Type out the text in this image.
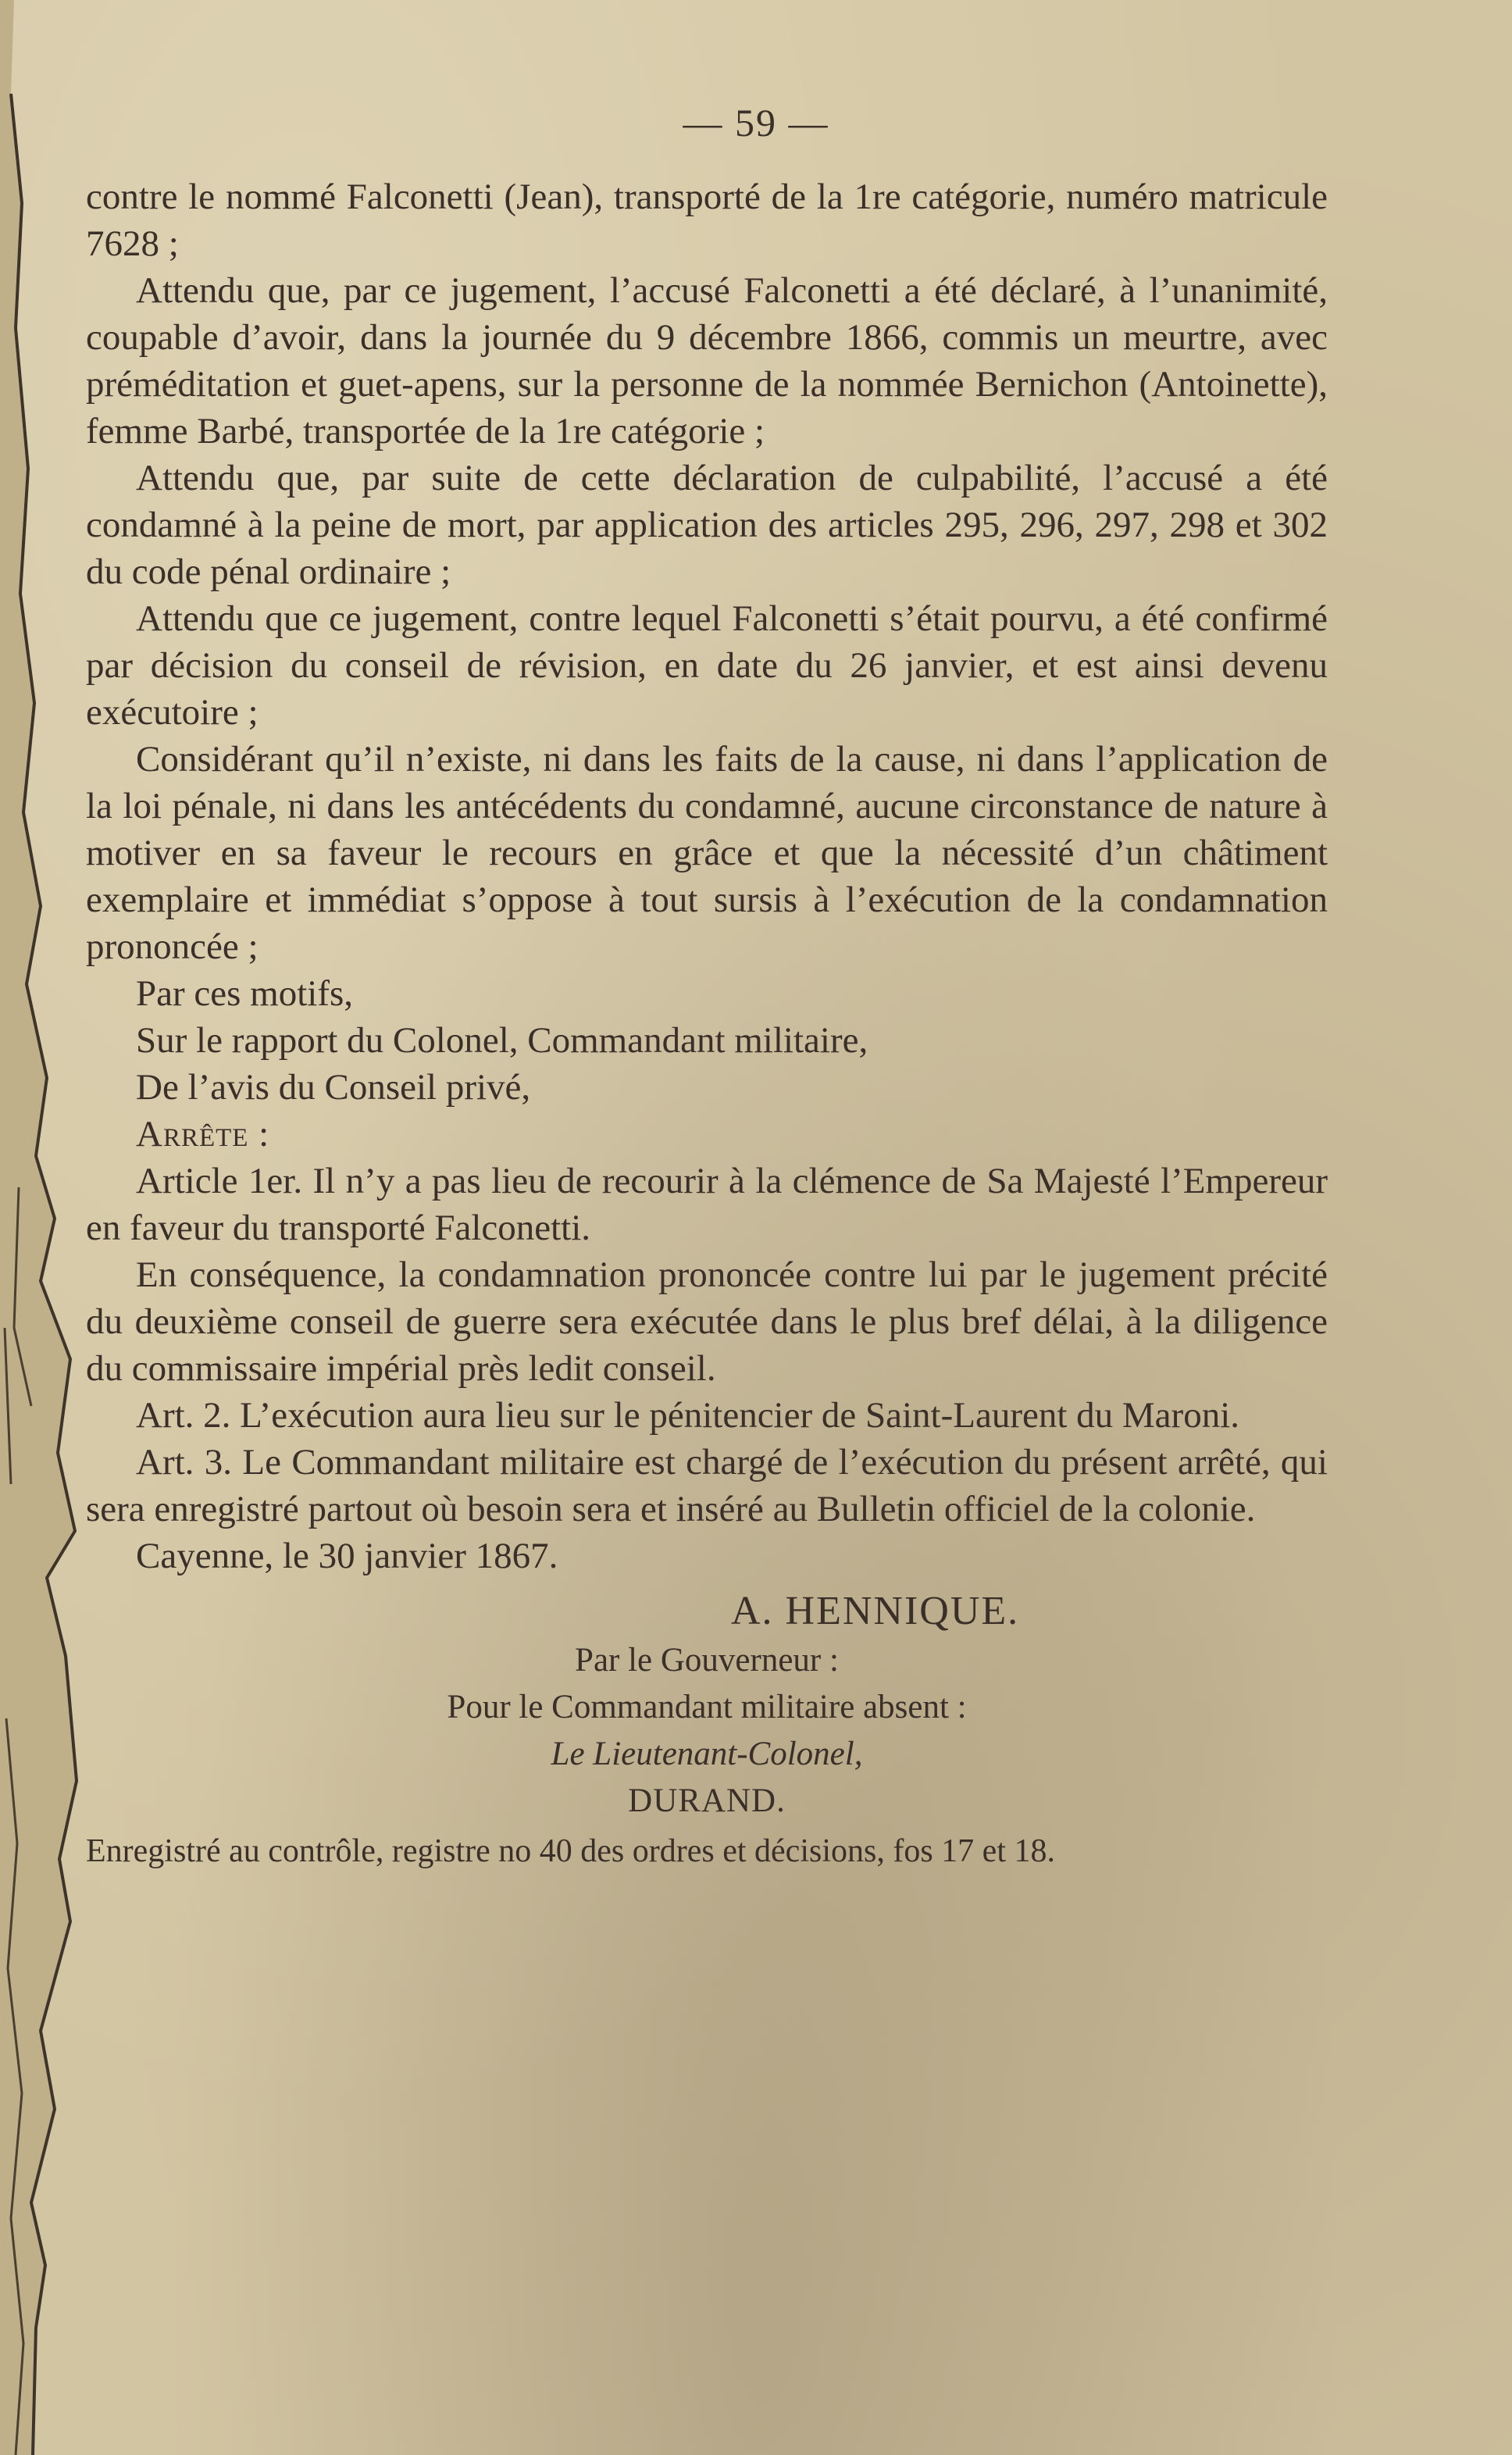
— 59 —

contre le nommé Falconetti (Jean), transporté de la 1re catégorie, numéro matricule 7628 ;

Attendu que, par ce jugement, l’accusé Falconetti a été déclaré, à l’unanimité, coupable d’avoir, dans la journée du 9 décembre 1866, commis un meurtre, avec préméditation et guet-apens, sur la personne de la nommée Bernichon (Antoinette), femme Barbé, transportée de la 1re catégorie ;

Attendu que, par suite de cette déclaration de culpabilité, l’accusé a été condamné à la peine de mort, par application des articles 295, 296, 297, 298 et 302 du code pénal ordinaire ;

Attendu que ce jugement, contre lequel Falconetti s’était pourvu, a été confirmé par décision du conseil de révision, en date du 26 janvier, et est ainsi devenu exécutoire ;

Considérant qu’il n’existe, ni dans les faits de la cause, ni dans l’application de la loi pénale, ni dans les antécédents du condamné, aucune circonstance de nature à motiver en sa faveur le recours en grâce et que la nécessité d’un châtiment exemplaire et immédiat s’oppose à tout sursis à l’exécution de la condamnation prononcée ;

Par ces motifs,

Sur le rapport du Colonel, Commandant militaire,

De l’avis du Conseil privé,

Arrête :

Article 1er. Il n’y a pas lieu de recourir à la clémence de Sa Majesté l’Empereur en faveur du transporté Falconetti.

En conséquence, la condamnation prononcée contre lui par le jugement précité du deuxième conseil de guerre sera exécutée dans le plus bref délai, à la diligence du commissaire impérial près ledit conseil.

Art. 2. L’exécution aura lieu sur le pénitencier de Saint-Laurent du Maroni.

Art. 3. Le Commandant militaire est chargé de l’exécution du présent arrêté, qui sera enregistré partout où besoin sera et inséré au Bulletin officiel de la colonie.

Cayenne, le 30 janvier 1867.

A. HENNIQUE.

Par le Gouverneur :

Pour le Commandant militaire absent :

Le Lieutenant-Colonel,

DURAND.

Enregistré au contrôle, registre no 40 des ordres et décisions, fos 17 et 18.
